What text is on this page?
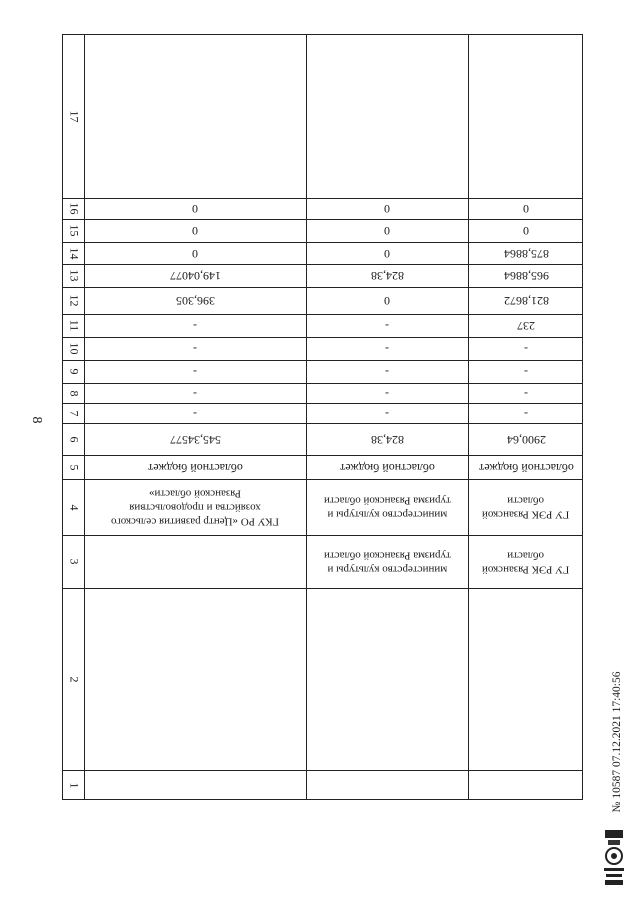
8
1
2
3
4
5
6
7
8
9
10
11
12
13
14
15
16
17
ГУ РЭК Рязанской
области
ГУ РЭК Рязанской
области
областной бюджет
2900,64
-
-
-
-
237
821,8672
965,8864
875,8864
0
0
министерство культуры и
туризма Рязанской области
министерство культуры и
туризма Рязанской области
областной бюджет
824,38
-
-
-
-
-
0
824,38
0
0
0
ГКУ РО «Центр развития сельского
хозяйства и продовольствия
Рязанской области»
областной бюджет
545,34577
-
-
-
-
-
396,305
149,04077
0
0
0
№ 10587 07.12.2021 17:40:56
